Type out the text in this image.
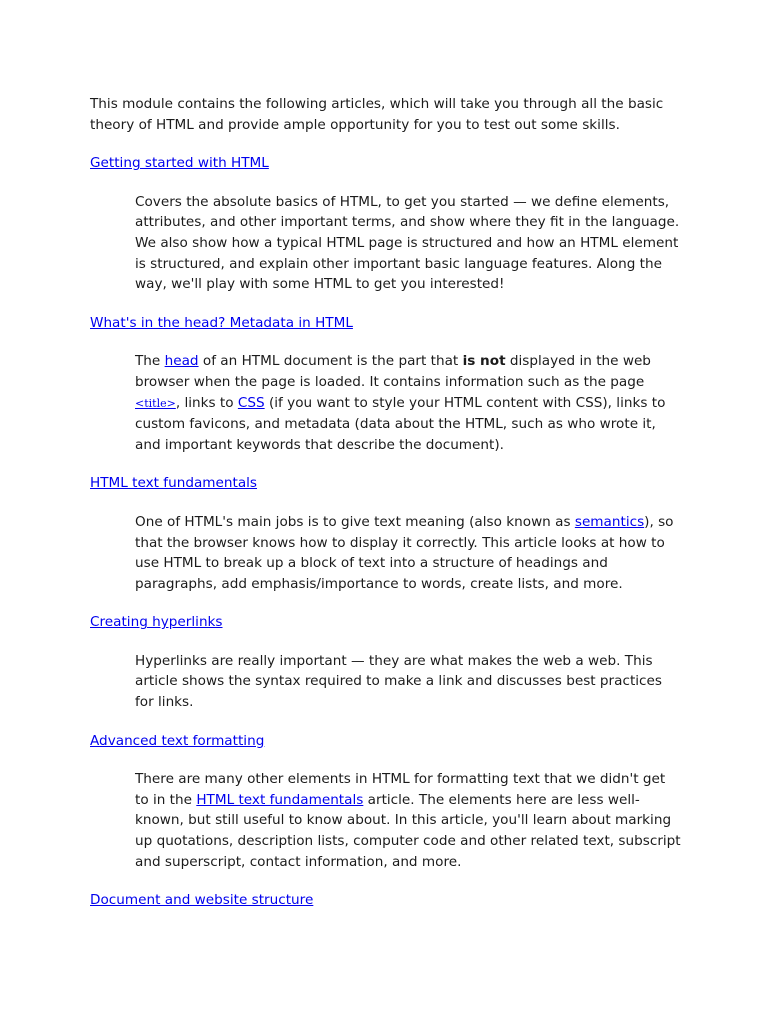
This module contains the following articles, which will take you through all the basic theory of HTML and provide ample opportunity for you to test out some skills.

Getting started with HTML
Covers the absolute basics of HTML, to get you started — we define elements, attributes, and other important terms, and show where they fit in the language. We also show how a typical HTML page is structured and how an HTML element is structured, and explain other important basic language features. Along the way, we'll play with some HTML to get you interested!
What's in the head? Metadata in HTML
The head of an HTML document is the part that is not displayed in the web browser when the page is loaded. It contains information such as the page <title>, links to CSS (if you want to style your HTML content with CSS), links to custom favicons, and metadata (data about the HTML, such as who wrote it, and important keywords that describe the document).
HTML text fundamentals
One of HTML's main jobs is to give text meaning (also known as semantics), so that the browser knows how to display it correctly. This article looks at how to use HTML to break up a block of text into a structure of headings and paragraphs, add emphasis/importance to words, create lists, and more.
Creating hyperlinks
Hyperlinks are really important — they are what makes the web a web. This article shows the syntax required to make a link and discusses best practices for links.
Advanced text formatting
There are many other elements in HTML for formatting text that we didn't get to in the HTML text fundamentals article. The elements here are less well-known, but still useful to know about. In this article, you'll learn about marking up quotations, description lists, computer code and other related text, subscript and superscript, contact information, and more.
Document and website structure
